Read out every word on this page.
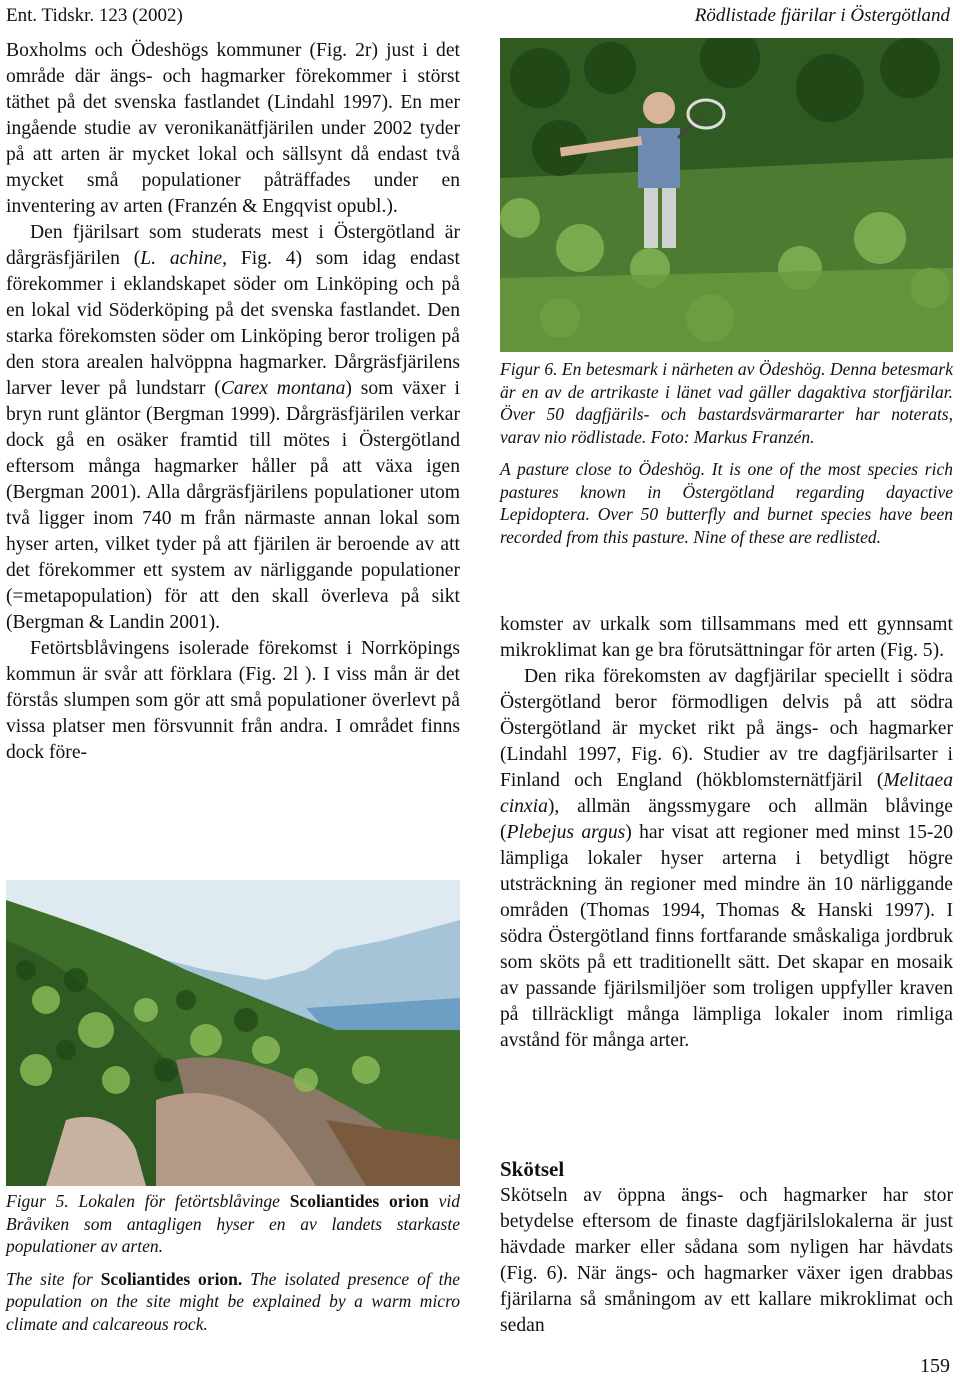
Ent. Tidskr. 123 (2002)	Rödlistade fjärilar i Östergötland

Boxholms och Ödeshögs kommuner (Fig. 2r) just i det område där ängs- och hagmarker förekommer i störst täthet på det svenska fastlandet (Lindahl 1997). En mer ingående studie av veronikanätfjärilen under 2002 tyder på att arten är mycket lokal och sällsynt då endast två mycket små populationer påträffades under en inventering av arten (Franzén & Engqvist opubl.).

Den fjärilsart som studerats mest i Östergötland är dårgräsfjärilen (L. achine, Fig. 4) som idag endast förekommer i eklandskapet söder om Linköping och på en lokal vid Söderköping på det svenska fastlandet. Den starka förekomsten söder om Linköping beror troligen på den stora arealen halvöppna hagmarker. Dårgräsfjärilens larver lever på lundstarr (Carex montana) som växer i bryn runt gläntor (Bergman 1999). Dårgräsfjärilen verkar dock gå en osäker framtid till mötes i Östergötland eftersom många hagmarker håller på att växa igen (Bergman 2001). Alla dårgräsfjärilens populationer utom två ligger inom 740 m från närmaste annan lokal som hyser arten, vilket tyder på att fjärilen är beroende av att det förekommer ett system av närliggande populationer (=metapopulation) för att den skall överleva på sikt (Bergman & Landin 2001).

Fetörtsblåvingens isolerade förekomst i Norrköpings kommun är svår att förklara (Fig. 2l ). I viss mån är det förstås slumpen som gör att små populationer överlevt på vissa platser men försvunnit från andra. I området finns dock före-

Figur 5. Lokalen för fetörtsblåvinge Scoliantides orion vid Bråviken som antagligen hyser en av landets starkaste populationer av arten.

The site for Scoliantides orion. The isolated presence of the population on the site might be explained by a warm micro climate and calcareous rock.

Figur 6. En betesmark i närheten av Ödeshög. Denna betesmark är en av de artrikaste i länet vad gäller dagaktiva storfjärilar. Över 50 dagfjärils- och bastardsvärmararter har noterats, varav nio rödlistade. Foto: Markus Franzén.

A pasture close to Ödeshög. It is one of the most species rich pastures known in Östergötland regarding dayactive Lepidoptera. Over 50 butterfly and burnet species have been recorded from this pasture. Nine of these are redlisted.

komster av urkalk som tillsammans med ett gynnsamt mikroklimat kan ge bra förutsättningar för arten (Fig. 5).

Den rika förekomsten av dagfjärilar speciellt i södra Östergötland beror förmodligen delvis på att södra Östergötland är mycket rikt på ängs- och hagmarker (Lindahl 1997, Fig. 6). Studier av tre dagfjärilsarter i Finland och England (hökblomsternätfjäril (Melitaea cinxia), allmän ängssmygare och allmän blåvinge (Plebejus argus) har visat att regioner med minst 15-20 lämpliga lokaler hyser arterna i betydligt högre utsträckning än regioner med mindre än 10 närliggande områden (Thomas 1994, Thomas & Hanski 1997). I södra Östergötland finns fortfarande småskaliga jordbruk som sköts på ett traditionellt sätt. Det skapar en mosaik av passande fjärilsmiljöer som troligen uppfyller kraven på tillräckligt många lämpliga lokaler inom rimliga avstånd för många arter.

Skötsel

Skötseln av öppna ängs- och hagmarker har stor betydelse eftersom de finaste dagfjärilslokalerna är just hävdade marker eller sådana som nyligen har hävdats (Fig. 6). När ängs- och hagmarker växer igen drabbas fjärilarna så småningom av ett kallare mikroklimat och sedan

159
